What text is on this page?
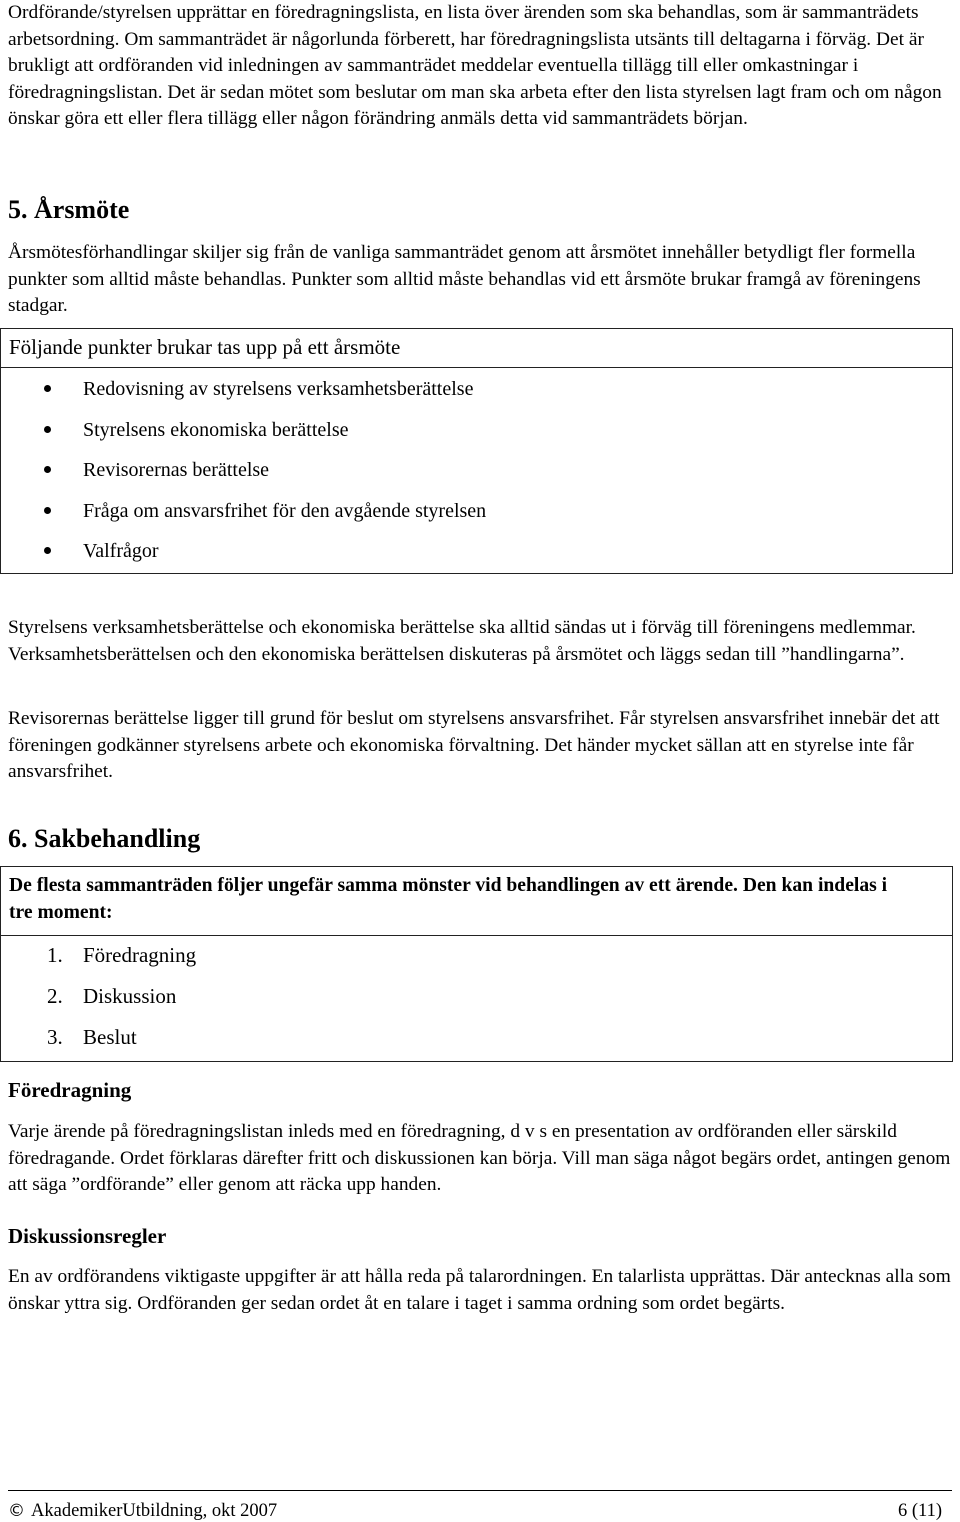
Ordförande/styrelsen upprättar en föredragningslista, en lista över ärenden som ska behandlas, som är sammanträdets arbetsordning. Om sammanträdet är någorlunda förberett, har föredragningslista utsänts till deltagarna i förväg. Det är brukligt att ordföranden vid inledningen av sammanträdet meddelar eventuella tillägg till eller omkastningar i föredragningslistan. Det är sedan mötet som beslutar om man ska arbeta efter den lista styrelsen lagt fram och om någon önskar göra ett eller flera tillägg eller någon förändring anmäls detta vid sammanträdets början.

5. Årsmöte

Årsmötesförhandlingar skiljer sig från de vanliga sammanträdet genom att årsmötet innehåller betydligt fler formella punkter som alltid måste behandlas. Punkter som alltid måste behandlas vid ett årsmöte brukar framgå av föreningens stadgar.

Följande punkter brukar tas upp på ett årsmöte
Redovisning av styrelsens verksamhetsberättelse
Styrelsens ekonomiska berättelse
Revisorernas berättelse
Fråga om ansvarsfrihet för den avgående styrelsen
Valfrågor

Styrelsens verksamhetsberättelse och ekonomiska berättelse ska alltid sändas ut i förväg till föreningens medlemmar. Verksamhetsberättelsen och den ekonomiska berättelsen diskuteras på årsmötet och läggs sedan till ”handlingarna”.

Revisorernas berättelse ligger till grund för beslut om styrelsens ansvarsfrihet. Får styrelsen ansvarsfrihet innebär det att föreningen godkänner styrelsens arbete och ekonomiska förvaltning. Det händer mycket sällan att en styrelse inte får ansvarsfrihet.

6. Sakbehandling
De flesta sammanträden följer ungefär samma mönster vid behandlingen av ett ärende. Den kan indelas i tre moment:
1. Föredragning
2. Diskussion
3. Beslut
Föredragning

Varje ärende på föredragningslistan inleds med en föredragning, d v s en presentation av ordföranden eller särskild föredragande. Ordet förklaras därefter fritt och diskussionen kan börja. Vill man säga något begärs ordet, antingen genom att säga ”ordförande” eller genom att räcka upp handen.

Diskussionsregler

En av ordförandens viktigaste uppgifter är att hålla reda på talarordningen. En talarlista upprättas. Där antecknas alla som önskar yttra sig. Ordföranden ger sedan ordet åt en talare i taget i samma ordning som ordet begärts.

© AkademikerUtbildning, okt 2007	6 (11)
